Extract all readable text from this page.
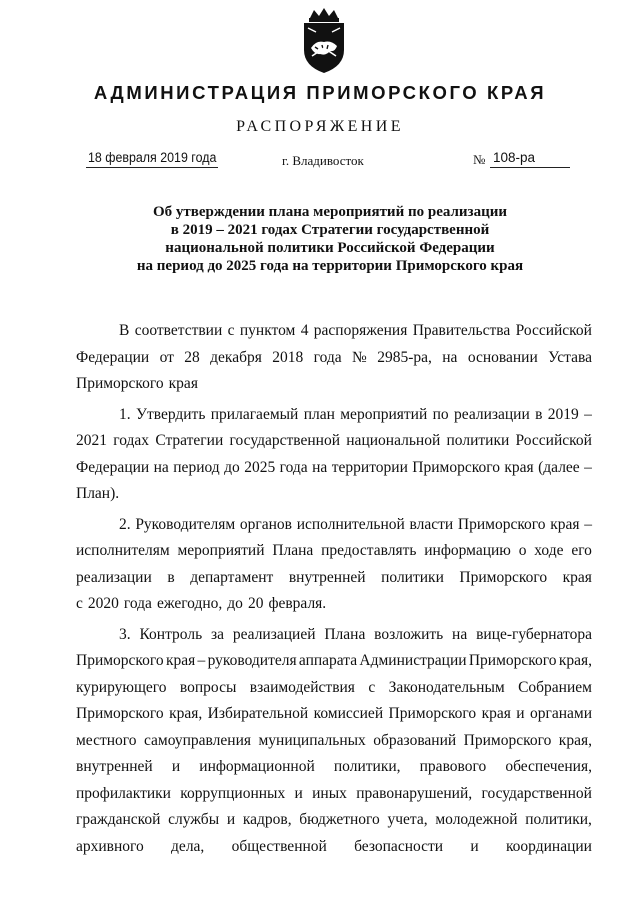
АДМИНИСТРАЦИЯ ПРИМОРСКОГО КРАЯ
РАСПОРЯЖЕНИЕ
18 февраля 2019 года	г. Владивосток	№ 108-ра
Об утверждении плана мероприятий по реализации
в 2019 – 2021 годах Стратегии государственной
национальной политики Российской Федерации
на период до 2025 года на территории Приморского края
В соответствии с пунктом 4 распоряжения Правительства Российской
Федерации от 28 декабря 2018 года № 2985-ра, на основании Устава
Приморского края
1. Утвердить прилагаемый план мероприятий по реализации в 2019 –
2021 годах Стратегии государственной национальной политики Российской
Федерации на период до 2025 года на территории Приморского края (далее –
План).
2. Руководителям органов исполнительной власти Приморского края –
исполнителям мероприятий Плана предоставлять информацию о ходе его
реализации в департамент внутренней политики Приморского края
с 2020 года ежегодно, до 20 февраля.
3. Контроль за реализацией Плана возложить на вице-губернатора
Приморского края – руководителя аппарата Администрации Приморского края,
курирующего вопросы взаимодействия с Законодательным Собранием
Приморского края, Избирательной комиссией Приморского края и органами
местного самоуправления муниципальных образований Приморского края,
внутренней и информационной политики, правового обеспечения,
профилактики коррупционных и иных правонарушений, государственной
гражданской службы и кадров, бюджетного учета, молодежной политики,
архивного дела, общественной безопасности и координации
